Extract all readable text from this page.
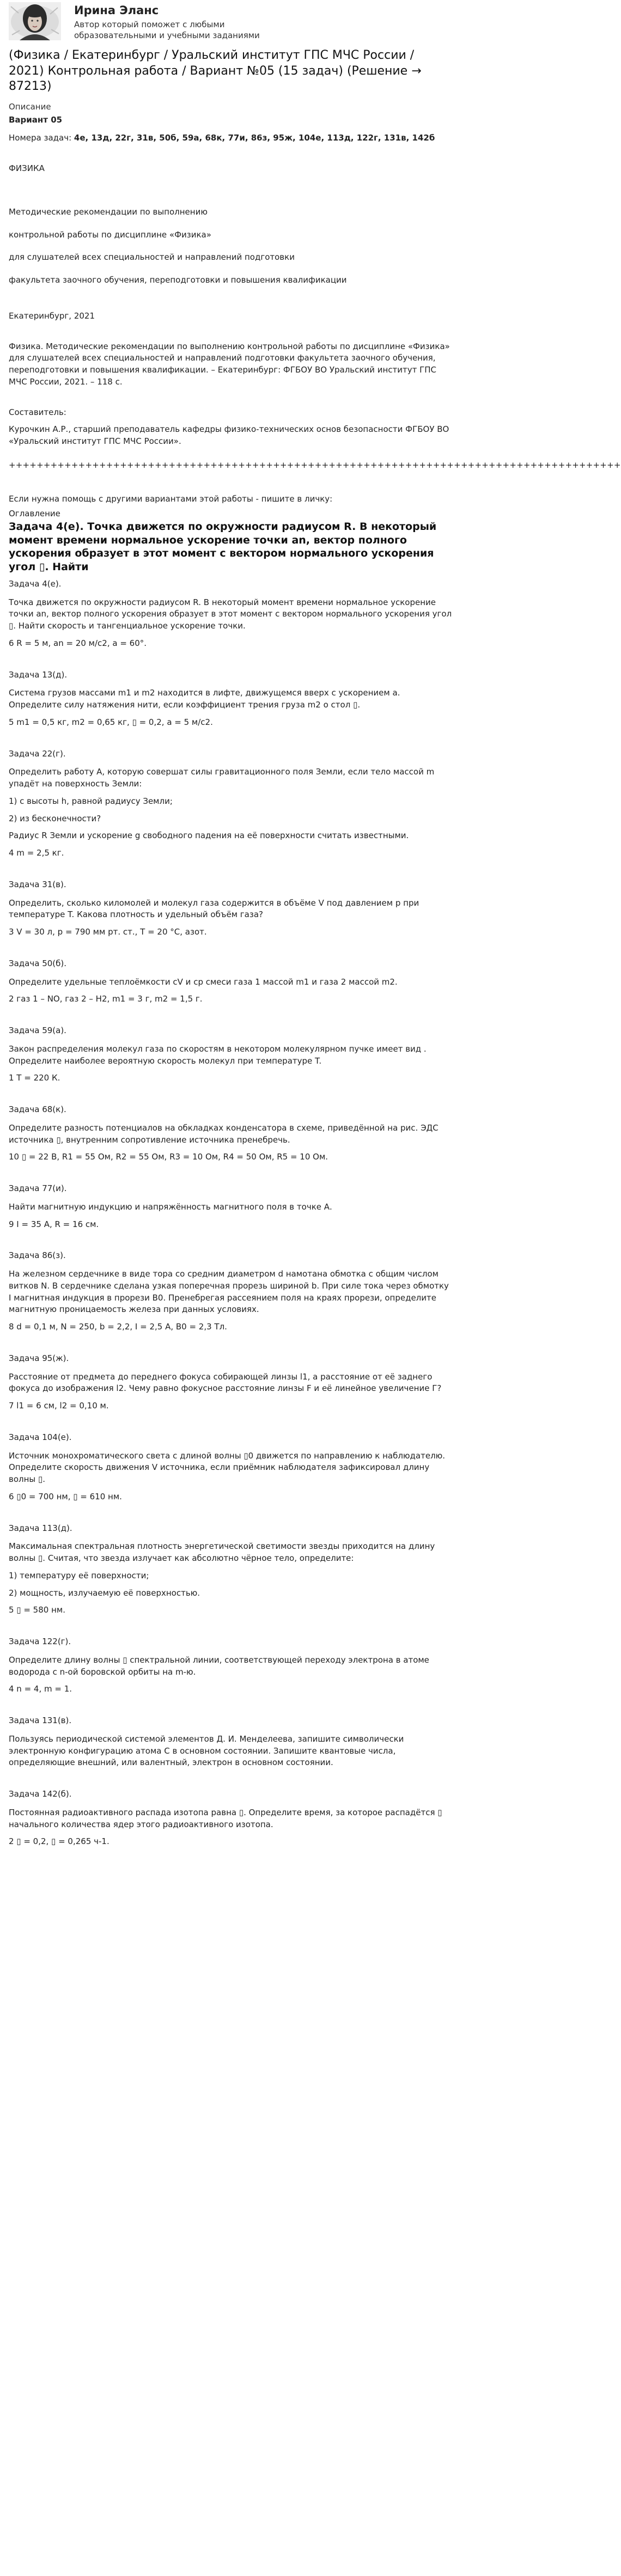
Ирина Эланс
Автор который поможет с любыми образовательными и учебными заданиями
(Физика / Екатеринбург / Уральский институт ГПС МЧС России / 2021) Контрольная работа / Вариант №05 (15 задач) (Решение → 87213)
Описание
Вариант 05
Номера задач: 4е, 13д, 22г, 31в, 50б, 59а, 68к, 77и, 86з, 95ж, 104е, 113д, 122г, 131в, 142б

ФИЗИКА

Методические рекомендации по выполнению

контрольной работы по дисциплине «Физика»

для слушателей всех специальностей и направлений подготовки

факультета заочного обучения, переподготовки и повышения квалификации

Екатеринбург, 2021

Физика. Методические рекомендации по выполнению контрольной работы по дисциплине «Физика» для слушателей всех специальностей и направлений подготовки факультета заочного обучения, переподготовки и повышения квалификации. – Екатеринбург: ФГБОУ ВО Уральский институт ГПС МЧС России, 2021. – 118 с.

Составитель:

Курочкин А.Р., старший преподаватель кафедры физико-технических основ безопасности ФГБОУ ВО «Уральский институт ГПС МЧС России».

++++++++++++++++++++++++++++++++++++++++++++++++++++++++++++++++++++++++++++++++++++++++

Если нужна помощь с другими вариантами этой работы - пишите в личку:

Оглавление
Задача 4(е). Точка движется по окружности радиусом R. В некоторый момент времени нормальное ускорение точки an, вектор полного ускорения образует в этот момент с вектором нормального ускорения угол ▯. Найти

Задача 4(е).

Точка движется по окружности радиусом R. В некоторый момент времени нормальное ускорение точки an, вектор полного ускорения образует в этот момент с вектором нормального ускорения угол ▯. Найти скорость и тангенциальное ускорение точки.

6 R = 5 м, an = 20 м/с2, a = 60°.

Задача 13(д).

Система грузов массами m1 и m2 находится в лифте, движущемся вверх с ускорением a. Определите силу натяжения нити, если коэффициент трения груза m2 о стол ▯.

5 m1 = 0,5 кг, m2 = 0,65 кг, ▯ = 0,2, a = 5 м/с2.

Задача 22(г).

Определить работу A, которую совершат силы гравитационного поля Земли, если тело массой m упадёт на поверхность Земли:

1) с высоты h, равной радиусу Земли;

2) из бесконечности?

Радиус R Земли и ускорение g свободного падения на её поверхности считать известными.

4 m = 2,5 кг.

Задача 31(в).

Определить, сколько киломолей и молекул газа содержится в объёме V под давлением p при температуре T. Какова плотность и удельный объём газа?

3 V = 30 л, p = 790 мм рт. ст., T = 20 °С, азот.

Задача 50(б).

Определите удельные теплоёмкости cV и cp смеси газа 1 массой m1 и газа 2 массой m2.

2 газ 1 – NO, газ 2 – H2, m1 = 3 г, m2 = 1,5 г.

Задача 59(а).

Закон распределения молекул газа по скоростям в некотором молекулярном пучке имеет вид . Определите наиболее вероятную скорость молекул при температуре T.

1 T = 220 К.

Задача 68(к).

Определите разность потенциалов на обкладках конденсатора в схеме, приведённой на рис. ЭДС источника ▯, внутренним сопротивление источника пренебречь.

10 ▯ = 22 В, R1 = 55 Ом, R2 = 55 Ом, R3 = 10 Ом, R4 = 50 Ом, R5 = 10 Ом.

Задача 77(и).

Найти магнитную индукцию и напряжённость магнитного поля в точке А.

9 I = 35 А, R = 16 см.

Задача 86(з).

На железном сердечнике в виде тора со средним диаметром d намотана обмотка с общим числом витков N. В сердечнике сделана узкая поперечная прорезь шириной b. При силе тока через обмотку I магнитная индукция в прорези B0. Пренебрегая рассеянием поля на краях прорези, определите магнитную проницаемость железа при данных условиях.

8 d = 0,1 м, N = 250, b = 2,2, I = 2,5 А, B0 = 2,3 Тл.

Задача 95(ж).

Расстояние от предмета до переднего фокуса собирающей линзы l1, а расстояние от её заднего фокуса до изображения l2. Чему равно фокусное расстояние линзы F и её линейное увеличение Г?

7 l1 = 6 см, l2 = 0,10 м.

Задача 104(е).

Источник монохроматического света с длиной волны ▯0 движется по направлению к наблюдателю. Определите скорость движения V источника, если приёмник наблюдателя зафиксировал длину волны ▯.

6 ▯0 = 700 нм, ▯ = 610 нм.

Задача 113(д).

Максимальная спектральная плотность энергетической светимости звезды приходится на длину волны ▯. Считая, что звезда излучает как абсолютно чёрное тело, определите:

1) температуру её поверхности;

2) мощность, излучаемую её поверхностью.

5 ▯ = 580 нм.

Задача 122(г).

Определите длину волны ▯ спектральной линии, соответствующей переходу электрона в атоме водорода с n-ой боровской орбиты на m-ю.

4 n = 4, m = 1.

Задача 131(в).

Пользуясь периодической системой элементов Д. И. Менделеева, запишите символически электронную конфигурацию атома С в основном состоянии. Запишите квантовые числа, определяющие внешний, или валентный, электрон в основном состоянии.

Задача 142(б).

Постоянная радиоактивного распада изотопа равна ▯. Определите время, за которое распадётся ▯ начального количества ядер этого радиоактивного изотопа.

2 ▯ = 0,2, ▯ = 0,265 ч-1.
